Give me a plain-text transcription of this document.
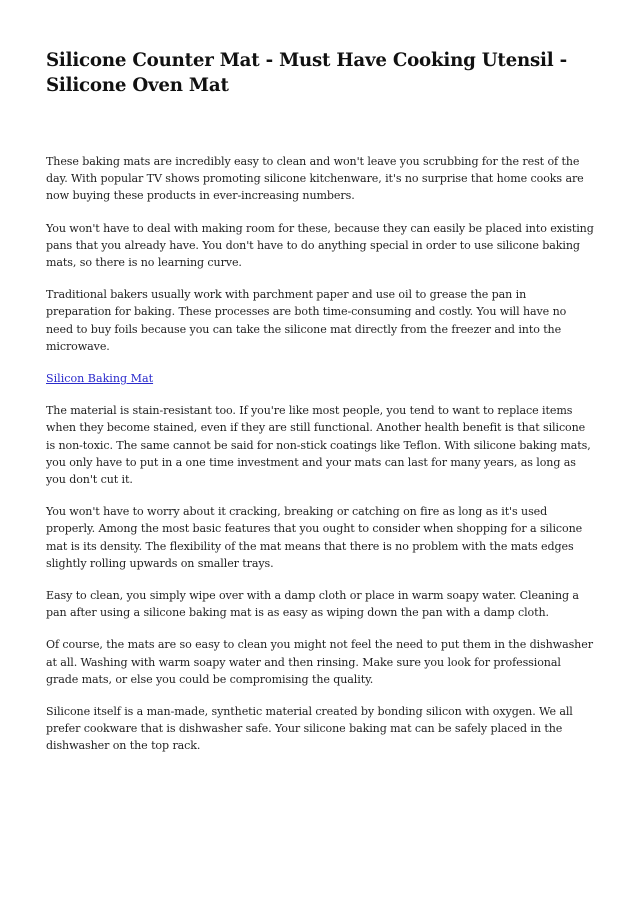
Silicone Counter Mat - Must Have Cooking Utensil - Silicone Oven Mat

These baking mats are incredibly easy to clean and won't leave you scrubbing for the rest of the day. With popular TV shows promoting silicone kitchenware, it's no surprise that home cooks are now buying these products in ever-increasing numbers.

You won't have to deal with making room for these, because they can easily be placed into existing pans that you already have. You don't have to do anything special in order to use silicone baking mats, so there is no learning curve.

Traditional bakers usually work with parchment paper and use oil to grease the pan in preparation for baking. These processes are both time-consuming and costly. You will have no need to buy foils because you can take the silicone mat directly from the freezer and into the microwave.

Silicon Baking Mat

The material is stain-resistant too. If you're like most people, you tend to want to replace items when they become stained, even if they are still functional. Another health benefit is that silicone is non-toxic. The same cannot be said for non-stick coatings like Teflon. With silicone baking mats, you only have to put in a one time investment and your mats can last for many years, as long as you don't cut it.

You won't have to worry about it cracking, breaking or catching on fire as long as it's used properly. Among the most basic features that you ought to consider when shopping for a silicone mat is its density. The flexibility of the mat means that there is no problem with the mats edges slightly rolling upwards on smaller trays.

Easy to clean, you simply wipe over with a damp cloth or place in warm soapy water. Cleaning a pan after using a silicone baking mat is as easy as wiping down the pan with a damp cloth.

Of course, the mats are so easy to clean you might not feel the need to put them in the dishwasher at all. Washing with warm soapy water and then rinsing. Make sure you look for professional grade mats, or else you could be compromising the quality.

Silicone itself is a man-made, synthetic material created by bonding silicon with oxygen. We all prefer cookware that is dishwasher safe. Your silicone baking mat can be safely placed in the dishwasher on the top rack.
